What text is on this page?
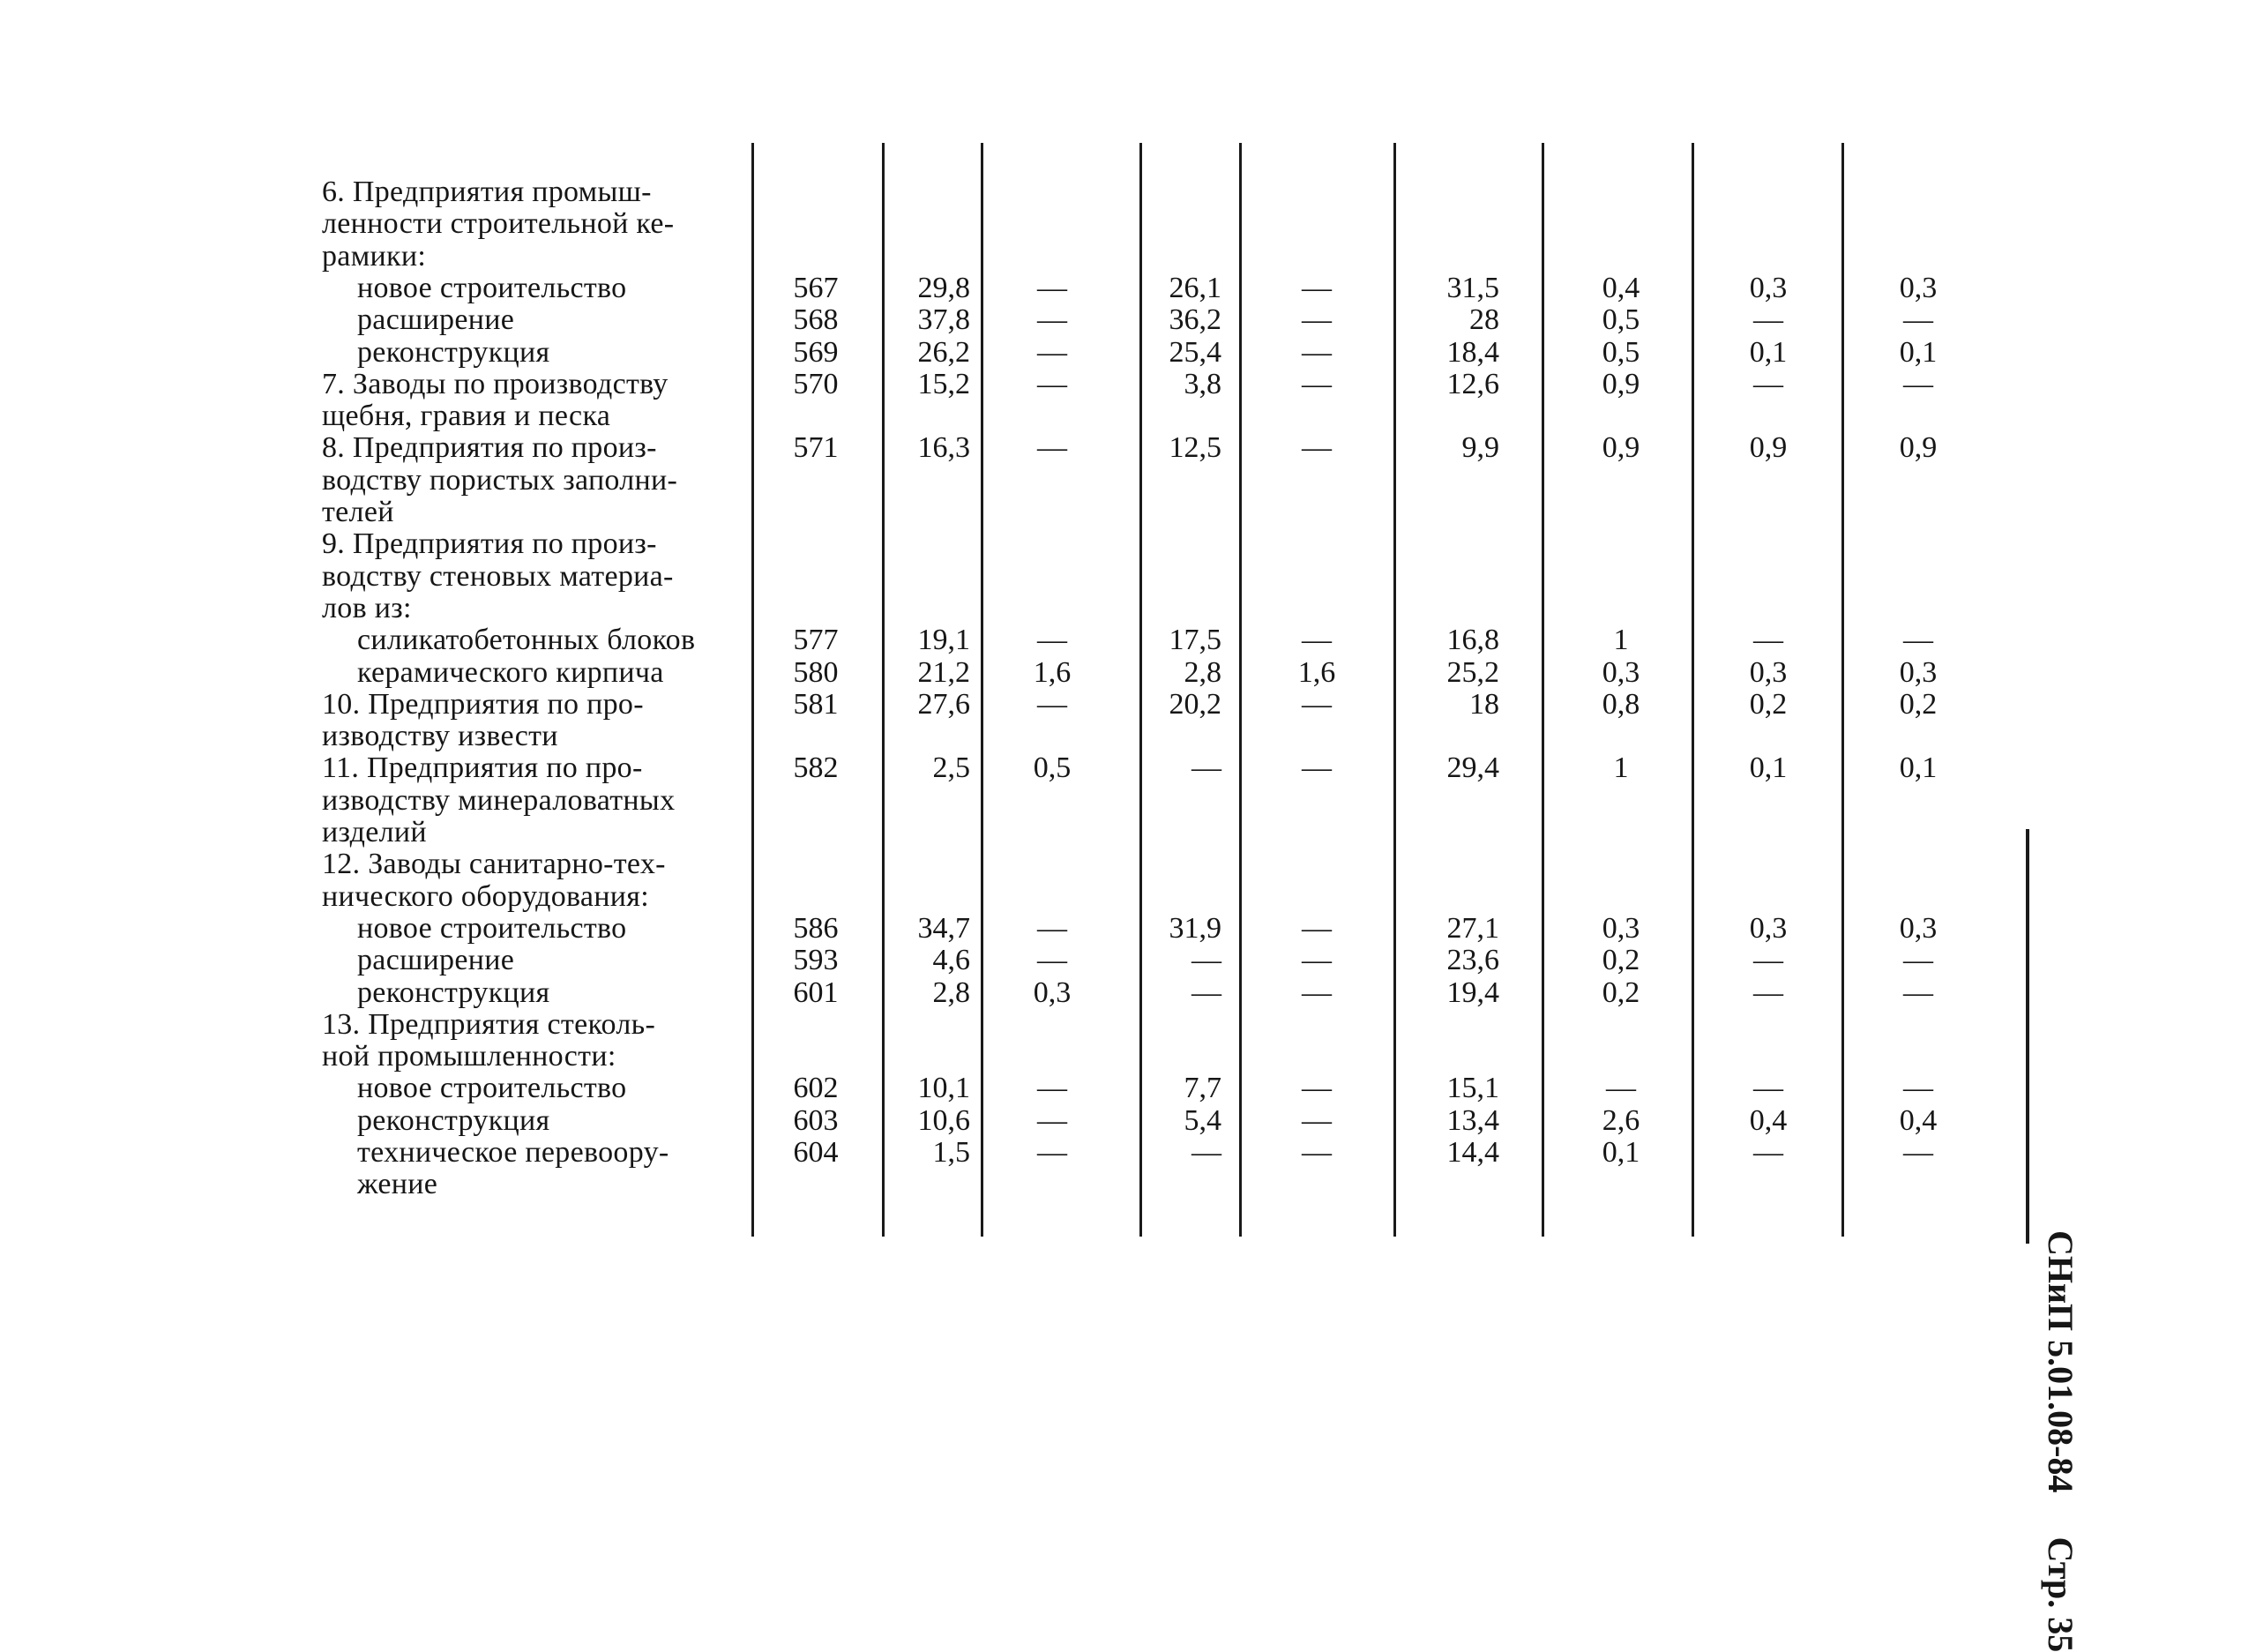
6. Предприятия промыш-
ленности строительной ке-
рамики:
новое строительство	567	29,8	—	26,1	—	31,5	0,4	0,3	0,3
расширение	568	37,8	—	36,2	—	28	0,5	—	—
реконструкция	569	26,2	—	25,4	—	18,4	0,5	0,1	0,1
7. Заводы по производству	570	15,2	—	3,8	—	12,6	0,9	—	—
щебня, гравия и песка
8. Предприятия по произ-	571	16,3	—	12,5	—	9,9	0,9	0,9	0,9
водству пористых заполни-
телей
9. Предприятия по произ-
водству стеновых материа-
лов из:
силикатобетонных блоков	577	19,1	—	17,5	—	16,8	1	—	—
керамического кирпича	580	21,2	1,6	2,8	1,6	25,2	0,3	0,3	0,3
10. Предприятия по про-	581	27,6	—	20,2	—	18	0,8	0,2	0,2
изводству извести
11. Предприятия по про-	582	2,5	0,5	—	—	29,4	1	0,1	0,1
изводству минераловатных
изделий
12. Заводы санитарно-тех-
нического оборудования:
новое строительство	586	34,7	—	31,9	—	27,1	0,3	0,3	0,3
расширение	593	4,6	—	—	—	23,6	0,2	—	—
реконструкция	601	2,8	0,3	—	—	19,4	0,2	—	—
13. Предприятия стеколь-
ной промышленности:
новое строительство	602	10,1	—	7,7	—	15,1	—	—	—
реконструкция	603	10,6	—	5,4	—	13,4	2,6	0,4	0,4
техническое перевоору-	604	1,5	—	—	—	14,4	0,1	—	—
жение
СНиП 5.01.08-84  Стр. 35
